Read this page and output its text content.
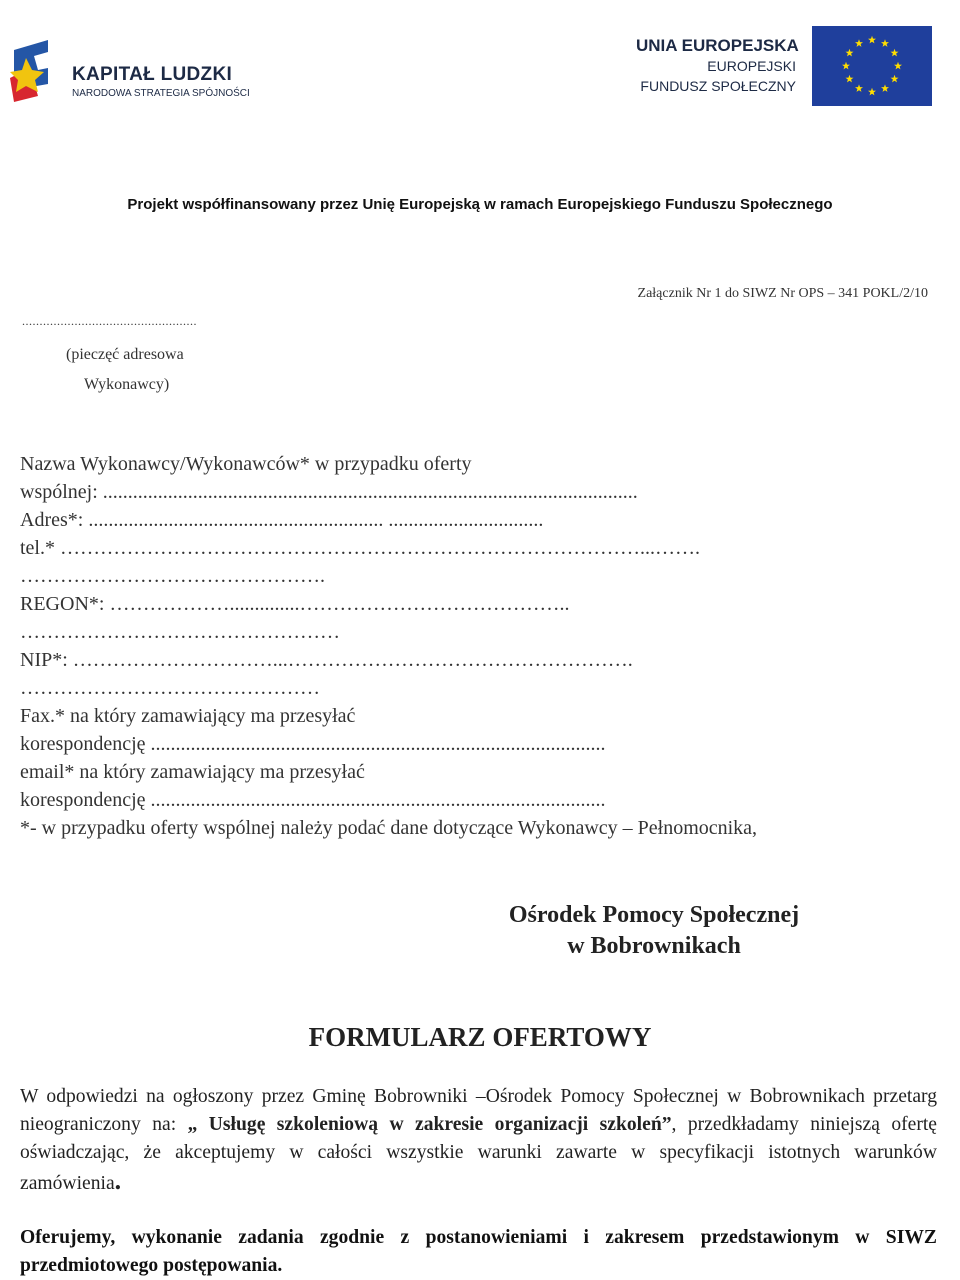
KAPITAŁ LUDZKI
NARODOWA STRATEGIA SPÓJNOŚCI
UNIA EUROPEJSKA
EUROPEJSKI
FUNDUSZ SPOŁECZNY
Projekt współfinansowany przez Unię Europejską w ramach Europejskiego Funduszu Społecznego
Załącznik Nr 1 do SIWZ Nr OPS – 341 POKL/2/10
..................................................
(pieczęć adresowa
Wykonawcy)
Nazwa Wykonawcy/Wykonawców* w przypadku oferty
wspólnej: ...........................................................................................................
Adres*: ........................................................... ...............................
tel.* ……………………………………………………………………………...…….
……………………………………….
REGON*: ………………..............…………………………………..
…………………………………………
NIP*: …………………………...…………………………………………….
………………………………………
Fax.* na który zamawiający ma przesyłać
korespondencję ...........................................................................................
email* na który zamawiający ma przesyłać
korespondencję ...........................................................................................
*- w przypadku oferty wspólnej należy podać dane dotyczące Wykonawcy – Pełnomocnika,
Ośrodek Pomocy Społecznej
w Bobrownikach
FORMULARZ OFERTOWY
W odpowiedzi na ogłoszony przez Gminę Bobrowniki –Ośrodek Pomocy Społecznej w Bobrownikach przetarg nieograniczony na: „ Usługę szkoleniową w zakresie organizacji szkoleń”, przedkładamy niniejszą ofertę oświadczając, że akceptujemy w całości wszystkie warunki zawarte w specyfikacji istotnych warunków zamówienia.
Oferujemy, wykonanie zadania zgodnie z postanowieniami i zakresem przedstawionym w SIWZ przedmiotowego postępowania.
